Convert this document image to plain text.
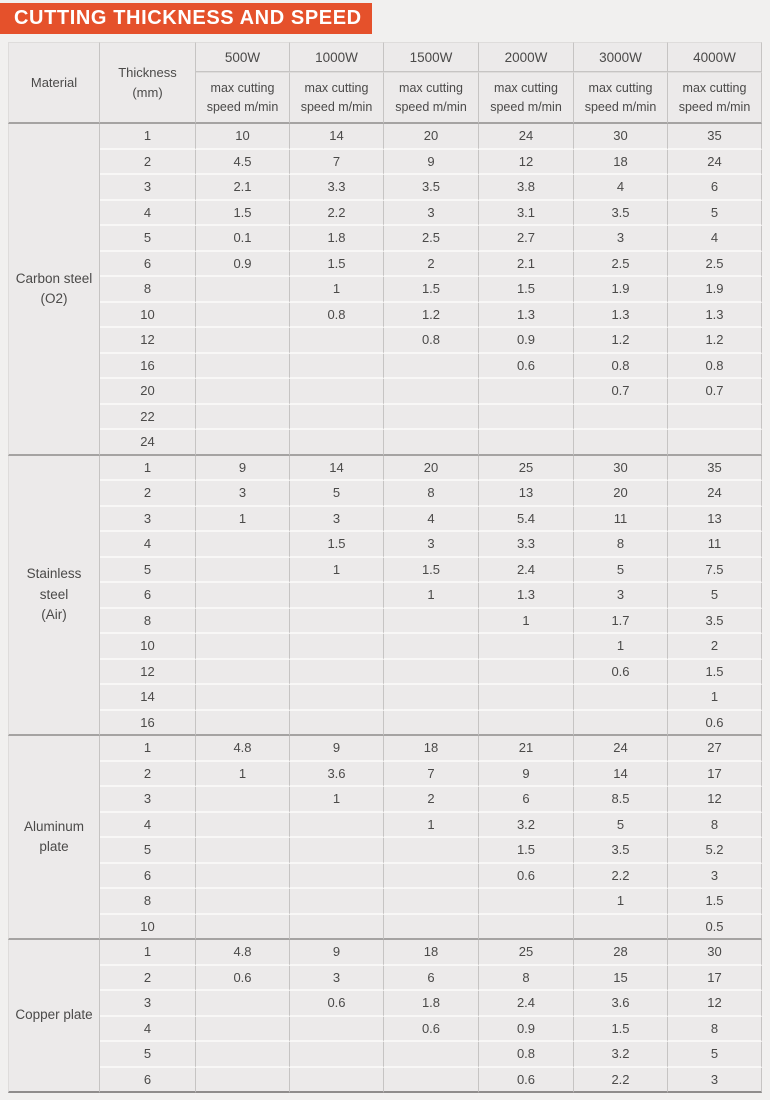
CUTTING THICKNESS AND SPEED
Material	Thickness (mm)	500W	1000W	1500W	2000W	3000W	4000W
		max cutting speed m/min	max cutting speed m/min	max cutting speed m/min	max cutting speed m/min	max cutting speed m/min	max cutting speed m/min

Carbon steel
(O2)	1	10	14	20	24	30	35
	2	4.5	7	9	12	18	24
	3	2.1	3.3	3.5	3.8	4	6
	4	1.5	2.2	3	3.1	3.5	5
	5	0.1	1.8	2.5	2.7	3	4
	6	0.9	1.5	2	2.1	2.5	2.5
	8		1	1.5	1.5	1.9	1.9
	10		0.8	1.2	1.3	1.3	1.3
	12			0.8	0.9	1.2	1.2
	16				0.6	0.8	0.8
	20					0.7	0.7
	22						
	24						

Stainless steel
(Air)	1	9	14	20	25	30	35
	2	3	5	8	13	20	24
	3	1	3	4	5.4	11	13
	4		1.5	3	3.3	8	11
	5		1	1.5	2.4	5	7.5
	6			1	1.3	3	5
	8				1	1.7	3.5
	10					1	2
	12					0.6	1.5
	14						1
	16						0.6

Aluminum
plate	1	4.8	9	18	21	24	27
	2	1	3.6	7	9	14	17
	3		1	2	6	8.5	12
	4			1	3.2	5	8
	5				1.5	3.5	5.2
	6				0.6	2.2	3
	8					1	1.5
	10						0.5

Copper plate	1	4.8	9	18	25	28	30
	2	0.6	3	6	8	15	17
	3		0.6	1.8	2.4	3.6	12
	4			0.6	0.9	1.5	8
	5				0.8	3.2	5
	6				0.6	2.2	3
